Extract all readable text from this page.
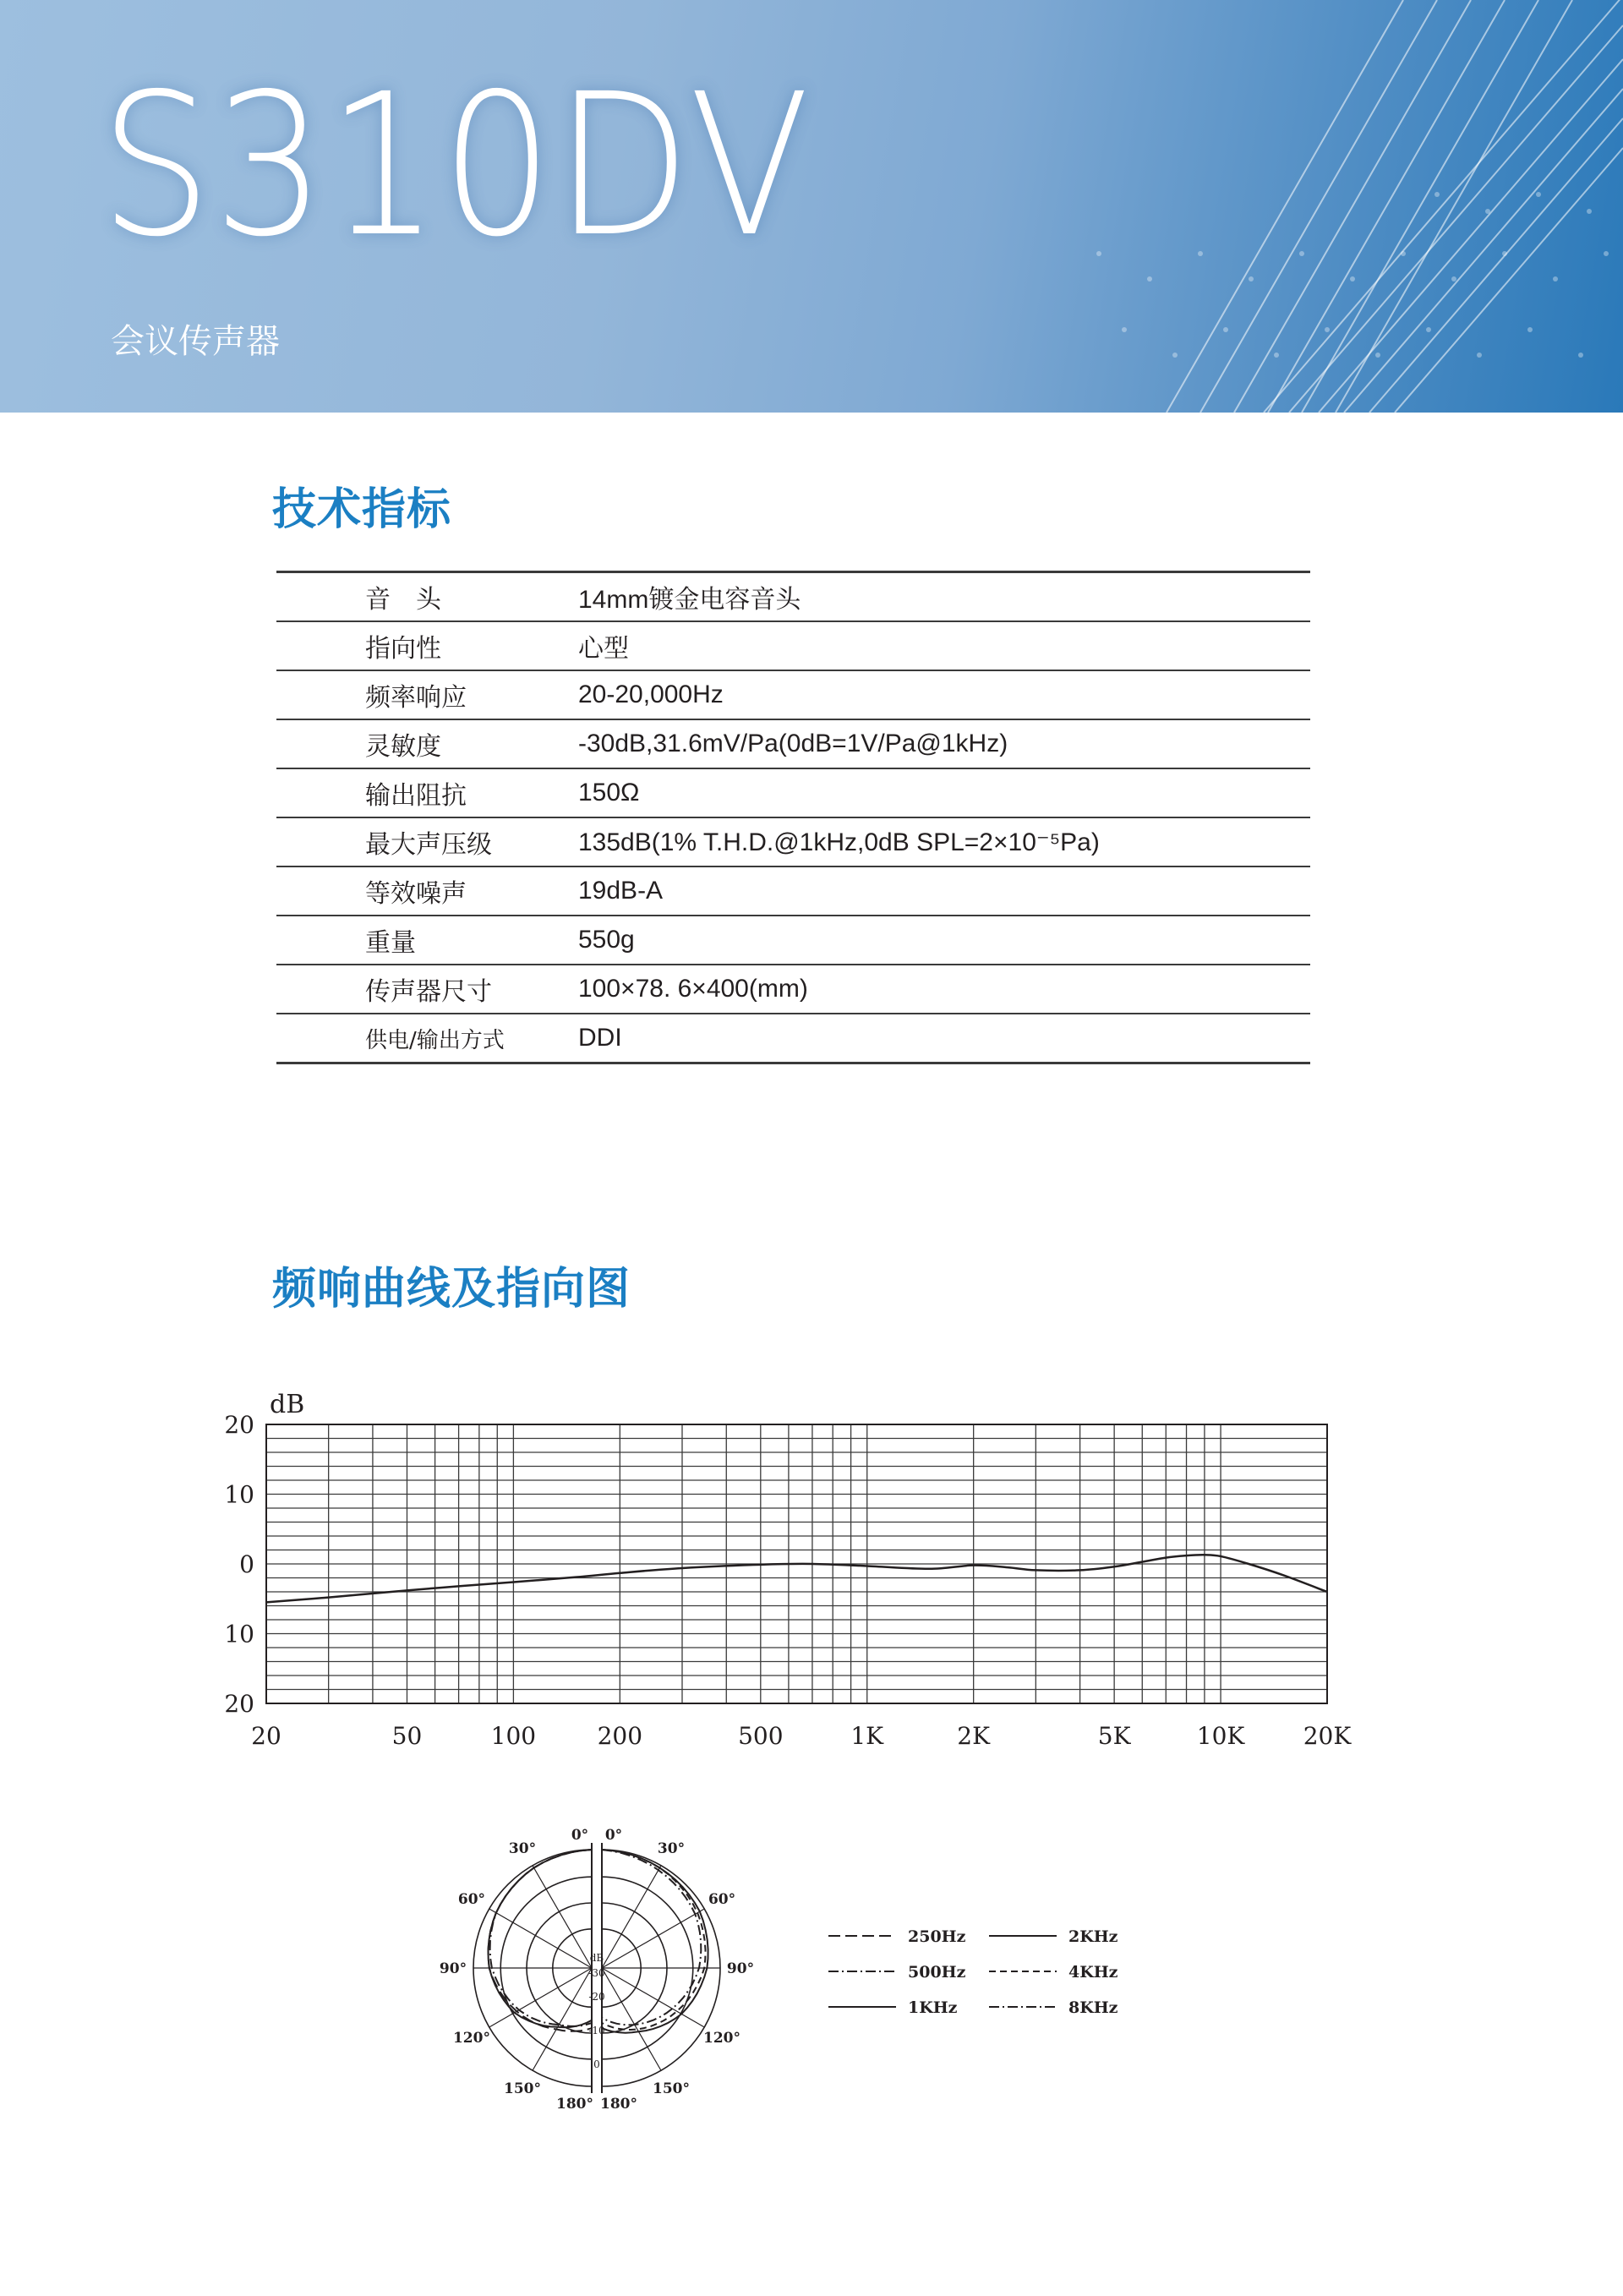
S310DV

会议传声器

技术指标
音　头	14mm镀金电容音头
指向性	心型
频率响应	20-20,000Hz
灵敏度	-30dB,31.6mV/Pa(0dB=1V/Pa@1kHz)
输出阻抗	150Ω
最大声压级	135dB(1% T.H.D.@1kHz,0dB SPL=2×10⁻⁵Pa)
等效噪声	19dB-A
重量	550g
传声器尺寸	100×78. 6×400(mm)
供电/输出方式	DDI
频响曲线及指向图
dB
20
10
0
10
20
20	50	100	200	500	1K	2K	5K	10K 20K
0°
30°
60°
90°
120°
150°
180°
0°
30°
60°
90°
120°
150°
180°
dB
-30
-20
-10
0
250Hz	2KHz
500Hz	4KHz
1KHz	8KHz
